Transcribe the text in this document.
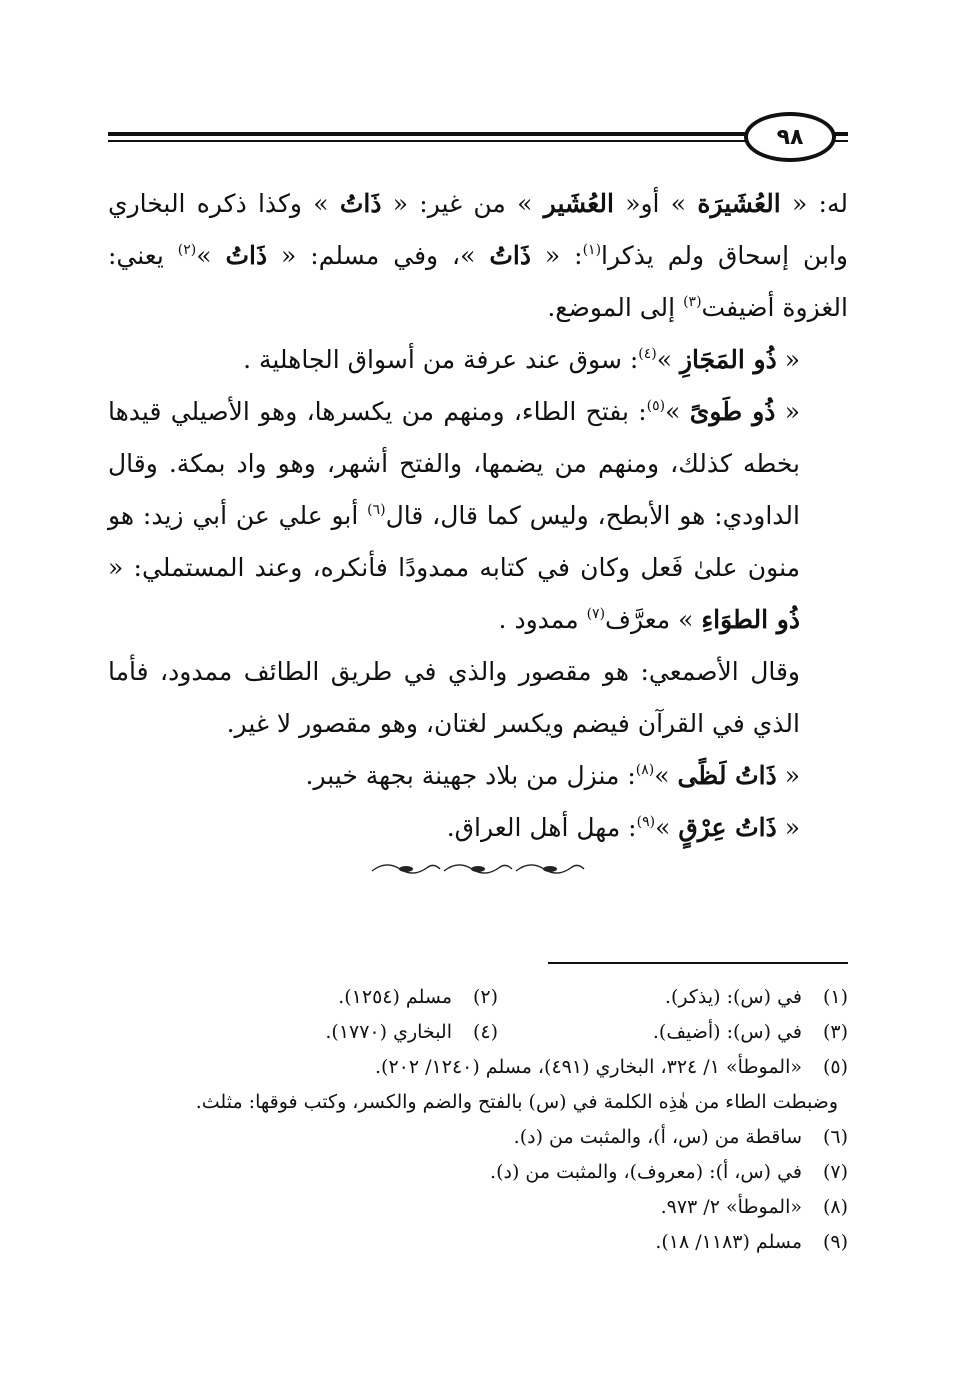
٩٨

له: « العُشَيرَة » أو« العُشَير » من غير: « ذَاتُ » وكذا ذكره البخاري وابن إسحاق ولم يذكرا$^{(١)}$: « ذَاتُ »، وفي مسلم: « ذَاتُ »$^{(٢)}$ يعني: الغزوة أضيفت$^{(٣)}$ إلى الموضع.

« ذُو المَجَازِ »$^{(٤)}$: سوق عند عرفة من أسواق الجاهلية .

« ذُو طَوىً »$^{(٥)}$: بفتح الطاء، ومنهم من يكسرها، وهو الأصيلي قيدها بخطه كذلك، ومنهم من يضمها، والفتح أشهر، وهو واد بمكة. وقال الداودي: هو الأبطح، وليس كما قال، قال$^{(٦)}$ أبو علي عن أبي زيد: هو منون علىٰ فَعل وكان في كتابه ممدودًا فأنكره، وعند المستملي: « ذُو الطوَاءِ » معرَّف$^{(٧)}$ ممدود .

وقال الأصمعي: هو مقصور والذي في طريق الطائف ممدود، فأما الذي في القرآن فيضم ويكسر لغتان، وهو مقصور لا غير.

« ذَاتُ لَظًى »$^{(٨)}$: منزل من بلاد جهينة بجهة خيبر.

« ذَاتُ عِرْقٍ »$^{(٩)}$: مهل أهل العراق.

(١)
في (س): (يذكر).
(٢)
مسلم (١٢٥٤).
(٣)
في (س): (أضيف).
(٤)
البخاري (١٧٧٠).
(٥)
«الموطأ» ١/ ٣٢٤، البخاري (٤٩١)، مسلم (١٢٤٠/ ٢٠٢).
وضبطت الطاء من هٰذِه الكلمة في (س) بالفتح والضم والكسر، وكتب فوقها: مثلث.
(٦)
ساقطة من (س، أ)، والمثبت من (د).
(٧)
في (س، أ): (معروف)، والمثبت من (د).
(٨)
«الموطأ» ٢/ ٩٧٣.
(٩)
مسلم (١١٨٣/ ١٨).
